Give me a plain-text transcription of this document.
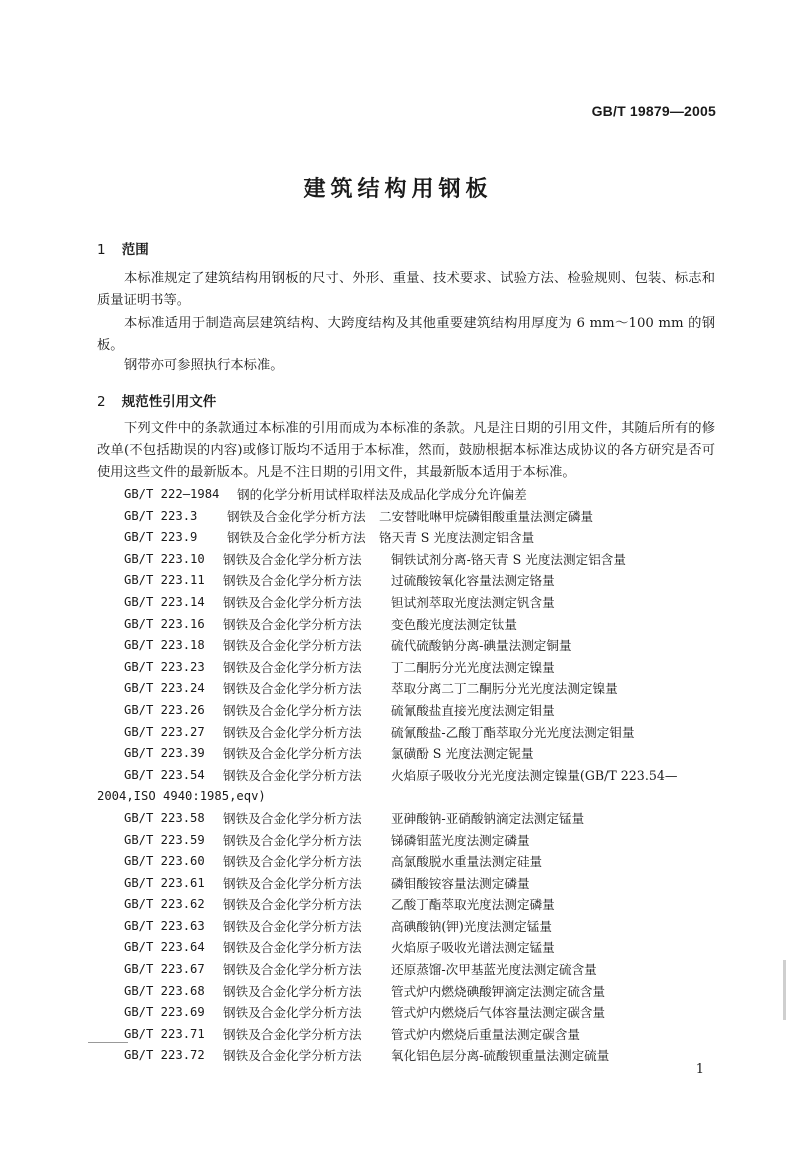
GB/T 19879—2005
建筑结构用钢板
1 范围
本标准规定了建筑结构用钢板的尺寸、外形、重量、技术要求、试验方法、检验规则、包装、标志和质量证明书等。
本标准适用于制造高层建筑结构、大跨度结构及其他重要建筑结构用厚度为 6 mm～100 mm 的钢板。
钢带亦可参照执行本标准。
2 规范性引用文件
下列文件中的条款通过本标准的引用而成为本标准的条款。凡是注日期的引用文件，其随后所有的修改单(不包括勘误的内容)或修订版均不适用于本标准，然而，鼓励根据本标准达成协议的各方研究是否可使用这些文件的最新版本。凡是不注日期的引用文件，其最新版本适用于本标准。
GB/T 222—1984 钢的化学分析用试样取样法及成品化学成分允许偏差
GB/T 223.3 钢铁及合金化学分析方法 二安替吡啉甲烷磷钼酸重量法测定磷量
GB/T 223.9 钢铁及合金化学分析方法 铬天青 S 光度法测定铝含量
GB/T 223.10 钢铁及合金化学分析方法 铜铁试剂分离-铬天青 S 光度法测定铝含量
GB/T 223.11 钢铁及合金化学分析方法 过硫酸铵氧化容量法测定铬量
GB/T 223.14 钢铁及合金化学分析方法 钽试剂萃取光度法测定钒含量
GB/T 223.16 钢铁及合金化学分析方法 变色酸光度法测定钛量
GB/T 223.18 钢铁及合金化学分析方法 硫代硫酸钠分离-碘量法测定铜量
GB/T 223.23 钢铁及合金化学分析方法 丁二酮肟分光光度法测定镍量
GB/T 223.24 钢铁及合金化学分析方法 萃取分离二丁二酮肟分光光度法测定镍量
GB/T 223.26 钢铁及合金化学分析方法 硫氰酸盐直接光度法测定钼量
GB/T 223.27 钢铁及合金化学分析方法 硫氰酸盐-乙酸丁酯萃取分光光度法测定钼量
GB/T 223.39 钢铁及合金化学分析方法 氯磺酚 S 光度法测定铌量
GB/T 223.54 钢铁及合金化学分析方法 火焰原子吸收分光光度法测定镍量(GB/T 223.54—
2004,ISO 4940:1985,eqv)
GB/T 223.58 钢铁及合金化学分析方法 亚砷酸钠-亚硝酸钠滴定法测定锰量
GB/T 223.59 钢铁及合金化学分析方法 锑磷钼蓝光度法测定磷量
GB/T 223.60 钢铁及合金化学分析方法 高氯酸脱水重量法测定硅量
GB/T 223.61 钢铁及合金化学分析方法 磷钼酸铵容量法测定磷量
GB/T 223.62 钢铁及合金化学分析方法 乙酸丁酯萃取光度法测定磷量
GB/T 223.63 钢铁及合金化学分析方法 高碘酸钠(钾)光度法测定锰量
GB/T 223.64 钢铁及合金化学分析方法 火焰原子吸收光谱法测定锰量
GB/T 223.67 钢铁及合金化学分析方法 还原蒸馏-次甲基蓝光度法测定硫含量
GB/T 223.68 钢铁及合金化学分析方法 管式炉内燃烧碘酸钾滴定法测定硫含量
GB/T 223.69 钢铁及合金化学分析方法 管式炉内燃烧后气体容量法测定碳含量
GB/T 223.71 钢铁及合金化学分析方法 管式炉内燃烧后重量法测定碳含量
GB/T 223.72 钢铁及合金化学分析方法 氧化铝色层分离-硫酸钡重量法测定硫量
1
